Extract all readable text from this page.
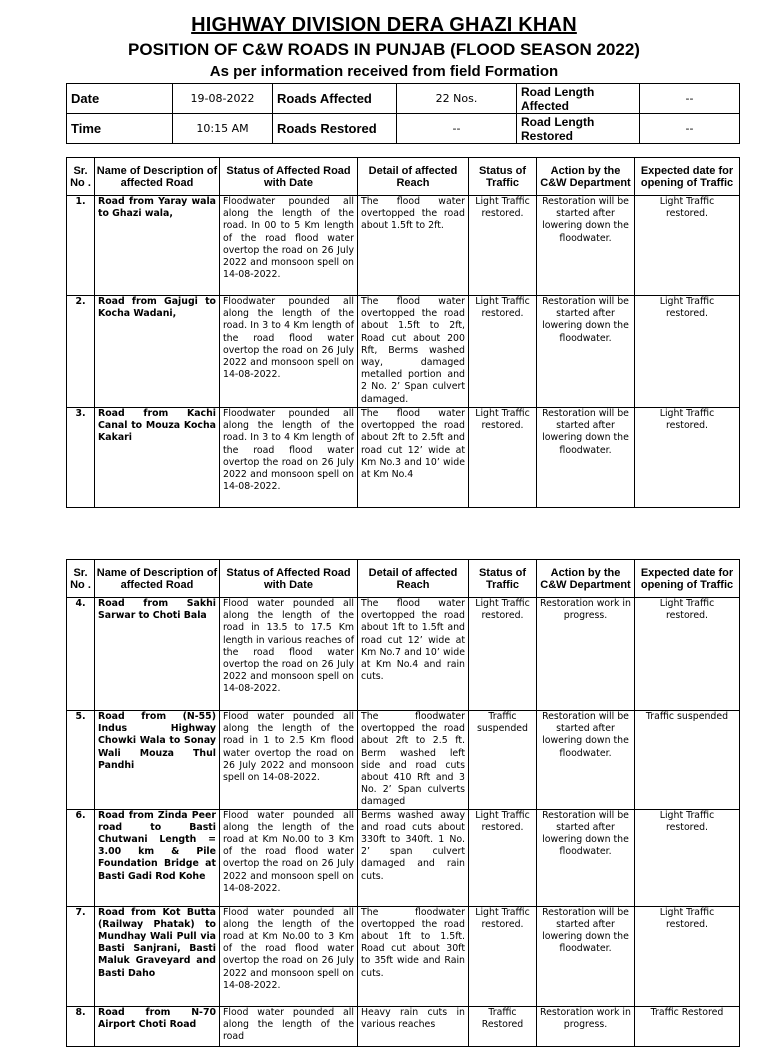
HIGHWAY DIVISION DERA GHAZI KHAN
POSITION OF C&W ROADS IN PUNJAB (FLOOD SEASON 2022)
As per information received from field Formation
Date	19-08-2022	Roads Affected	22 Nos.	Road Length Affected	--
Time	10:15 AM	Roads Restored	--	Road Length Restored	--
Sr. No .	Name of Description of affected Road	Status of Affected Road with Date	Detail of affected Reach	Status of Traffic	Action by the C&W Department	Expected date for opening of Traffic
1.	Road from Yaray wala to Ghazi wala,	Floodwater pounded all along the length of the road. In 00 to 5 Km length of the road flood water overtop the road on 26 July 2022 and monsoon spell on 14-08-2022.	The flood water overtopped the road about 1.5ft to 2ft.	Light Traffic restored.	Restoration will be started after lowering down the floodwater.	Light Traffic restored.
2.	Road from Gajugi to Kocha Wadani,	Floodwater pounded all along the length of the road. In 3 to 4 Km length of the road flood water overtop the road on 26 July 2022 and monsoon spell on 14-08-2022.	The flood water overtopped the road about 1.5ft to 2ft, Road cut about 200 Rft, Berms washed way, damaged metalled portion and 2 No. 2’ Span culvert damaged.	Light Traffic restored.	Restoration will be started after lowering down the floodwater.	Light Traffic restored.
3.	Road from Kachi Canal to Mouza Kocha Kakari	Floodwater pounded all along the length of the road. In 3 to 4 Km length of the road flood water overtop the road on 26 July 2022 and monsoon spell on 14-08-2022.	The flood water overtopped the road about 2ft to 2.5ft and road cut 12’ wide at Km No.3 and 10’ wide at Km No.4	Light Traffic restored.	Restoration will be started after lowering down the floodwater.	Light Traffic restored.
Sr. No .	Name of Description of affected Road	Status of Affected Road with Date	Detail of affected Reach	Status of Traffic	Action by the C&W Department	Expected date for opening of Traffic
4.	Road from Sakhi Sarwar to Choti Bala	Flood water pounded all along the length of the road in 13.5 to 17.5 Km length in various reaches of the road flood water overtop the road on 26 July 2022 and monsoon spell on 14-08-2022.	The flood water overtopped the road about 1ft to 1.5ft and road cut 12’ wide at Km No.7 and 10’ wide at Km No.4 and rain cuts.	Light Traffic restored.	Restoration work in progress.	Light Traffic restored.
5.	Road from (N-55) Indus Highway Chowki Wala to Sonay Wali Mouza Thul Pandhi	Flood water pounded all along the length of the road in 1 to 2.5 Km flood water overtop the road on 26 July 2022 and monsoon spell on 14-08-2022.	The floodwater overtopped the road about 2ft to 2.5 ft. Berm washed left side and road cuts about 410 Rft and 3 No. 2’ Span culverts damaged	Traffic suspended	Restoration will be started after lowering down the floodwater.	Traffic suspended
6.	Road from Zinda Peer road to Basti Chutwani Length = 3.00 km & Pile Foundation Bridge at Basti Gadi Rod Kohe	Flood water pounded all along the length of the road at Km No.00 to 3 Km of the road flood water overtop the road on 26 July 2022 and monsoon spell on 14-08-2022.	Berms washed away and road cuts about 330ft to 340ft. 1 No. 2’ span culvert damaged and rain cuts.	Light Traffic restored.	Restoration will be started after lowering down the floodwater.	Light Traffic restored.
7.	Road from Kot Butta (Railway Phatak) to Mundhay Wali Pull via Basti Sanjrani, Basti Maluk Graveyard and Basti Daho	Flood water pounded all along the length of the road at Km No.00 to 3 Km of the road flood water overtop the road on 26 July 2022 and monsoon spell on 14-08-2022.	The floodwater overtopped the road about 1ft to 1.5ft. Road cut about 30ft to 35ft wide and Rain cuts.	Light Traffic restored.	Restoration will be started after lowering down the floodwater.	Light Traffic restored.
8.	Road from N-70 Airport Choti Road	Flood water pounded all along the length of the road	Heavy rain cuts in various reaches	Traffic Restored	Restoration work in progress.	Traffic Restored
